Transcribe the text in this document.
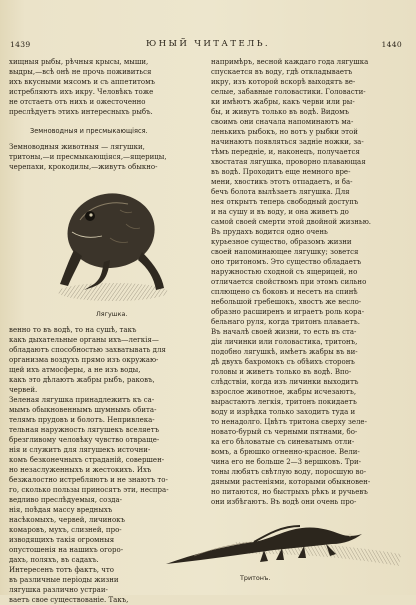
1439	ЮНЫЙ ЧИТАТЕЛЬ.	1440

хищныя рыбы, рѣчныя крысы, мыши,

выдры,—всѣ онѣ не прочь поживиться

ихъ вкусными мясомъ и съ аппетитомъ

истребляютъ ихъ икру. Человѣкъ тоже

не отстаетъ отъ нихъ и ожесточенно

преслѣдуетъ этихъ интересныхъ рыбъ.

Земноводныя и пресмыкающіяся.

Земноводныя животныя — лягушки,

тритоны,—и пресмыкающіяся,—ящерицы,

черепахи, крокодилы,—живутъ обыкно-

Лягушка.

венно то въ водѣ, то на сушѣ, такъ

какъ дыхательные органы ихъ—легкія—

обладаютъ способностью захватывать для

организма воздухъ прямо изъ окружаю-

щей ихъ атмосферы, а не изъ воды,

какъ это дѣлаютъ жабры рыбъ, раковъ,

червей.

Зеленая лягушка принадлежитъ къ са-

мымъ обыкновеннымъ шумнымъ обита-

телямъ прудовъ и болотъ. Непривлека-

тельная наружность лягушекъ вселяетъ

брезгливому человѣку чувство отвраще-

нія и служитъ для лягушекъ источни-

комъ безконечныхъ страданій, совершен-

но незаслуженныхъ и жестокихъ. Ихъ

безжалостно истребляютъ и не знаютъ то-

го, сколько пользы приносятъ эти, неспра-

ведливо преслѣдуемыя, созда-

нія, поѣдая массу вредныхъ

насѣкомыхъ, червей, личинокъ

комаровъ, мухъ, слизней, про-

изводящихъ такія огромныя

опустошенія на нашихъ огоро-

дахъ, поляхъ, въ садахъ.

Интересенъ тотъ фактъ, что

въ различные періоды жизни

лягушка различно устраи-

ваетъ свое существованіе. Такъ,

напримѣръ, весной каждаго года лягушка

спускается въ воду, гдѣ откладываетъ

икру, изъ которой вскорѣ выходятъ ве-

селые, забавные головастики. Головасти-

ки имѣютъ жабры, какъ черви или ры-

бы, и живутъ только въ водѣ. Видомъ

своимъ они сначала напоминаютъ ма-

ленькихъ рыбокъ, но вотъ у рыбки этой

начинаютъ появляться задніе ножки, за-

тѣмъ передніе, и, наконецъ, получается

хвостатая лягушка, проворно плавающая

въ водѣ. Проходитъ еще немного вре-

мени, хвостикъ этотъ отпадаетъ, и ба-

бечъ болота вылѣзаетъ лягушка. Для

нея открытъ теперь свободный доступъ

и на сушу и въ воду, и она живетъ до

самой своей смерти этой двойной жизнью.

Въ прудахъ водится одно очень

курьезное существо, образомъ жизни

своей напоминающее лягушку; зовется

оно тритономъ. Это существо обладаетъ

наружностью сходной съ ящерицей, но

отличается свойствомъ при этомъ сильно

сплющено съ боковъ и несетъ на спинѣ

небольшой гребешокъ, хвостъ же весло-

образно расширенъ и играетъ роль кора-

бельнаго руля, когда тритонъ плаваетъ.

Въ началѣ своей жизни, то есть въ ста-

діи личинки или головастика, тритонъ,

подобно лягушкѣ, имѣетъ жабры въ ви-

дѣ двухъ бахромокъ съ обѣихъ сторонъ

головы и живетъ только въ водѣ. Впо-

слѣдствіи, когда изъ личинки выходитъ

взрослое животное, жабры исчезаютъ,

вырастаютъ легкія, тритонъ покидаетъ

воду и изрѣдка только заходитъ туда и

то ненадолго. Цвѣтъ тритона сверху зеле-

новато-бурый съ черными пятнами, бо-

ка его бѣловатые съ синеватымъ отли-

вомъ, а брюшко огненно-красное. Вели-

чина его не больше 2—3 вершковъ. Три-

тоны любятъ свѣтлую воду, поросшую во-

дяными растеніями, которыми обыкновен-

но питаются, но быстрыхъ рѣкъ и ручьевъ

они избѣгаютъ. Въ водѣ они очень про-

Тритонъ.
